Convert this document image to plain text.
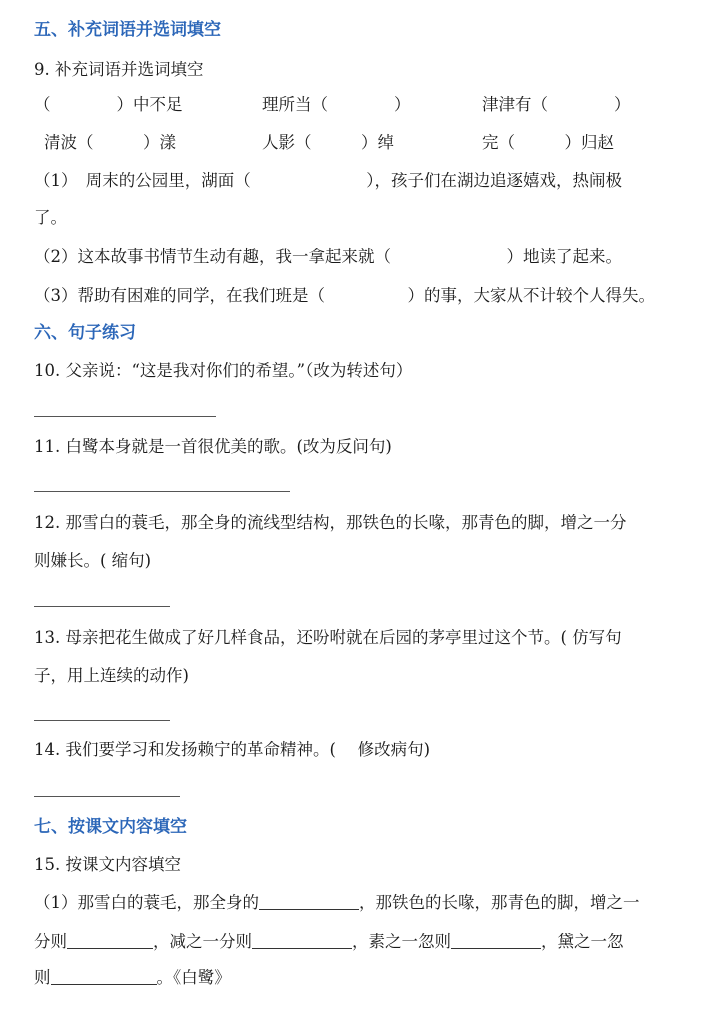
五、补充词语并选词填空
9. 补充词语并选词填空
（　　　　）中不足	理所当（　　　　）	津津有（　　　　）
清波（　　　）漾	人影（　　　）绰	完（　　　）归赵
（1）　周末的公园里，湖面（　　　　　　　），孩子们在湖边追逐嬉戏，热闹极
了。
（2）这本故事书情节生动有趣，我一拿起来就（　　　　　　　）地读了起来。
（3）帮助有困难的同学，在我们班是（　　　　　）的事，大家从不计较个人得失。
六、句子练习
10. 父亲说：“这是我对你们的希望。”（改为转述句）
11. 白鹭本身就是一首很优美的歌。(改为反问句)
12. 那雪白的蓑毛，那全身的流线型结构，那铁色的长喙，那青色的脚，增之一分
则嫌长。( 缩句)
13. 母亲把花生做成了好几样食品，还吩咐就在后园的茅亭里过这个节。( 仿写句
子，用上连续的动作)
14. 我们要学习和发扬赖宁的革命精神。(　 修改病句)
七、按课文内容填空
15. 按课文内容填空
（1）那雪白的蓑毛，那全身的	，那铁色的长喙，那青色的脚，增之一
分则	，减之一分则	，素之一忽则	，黛之一忽
则	。《白鹭》
